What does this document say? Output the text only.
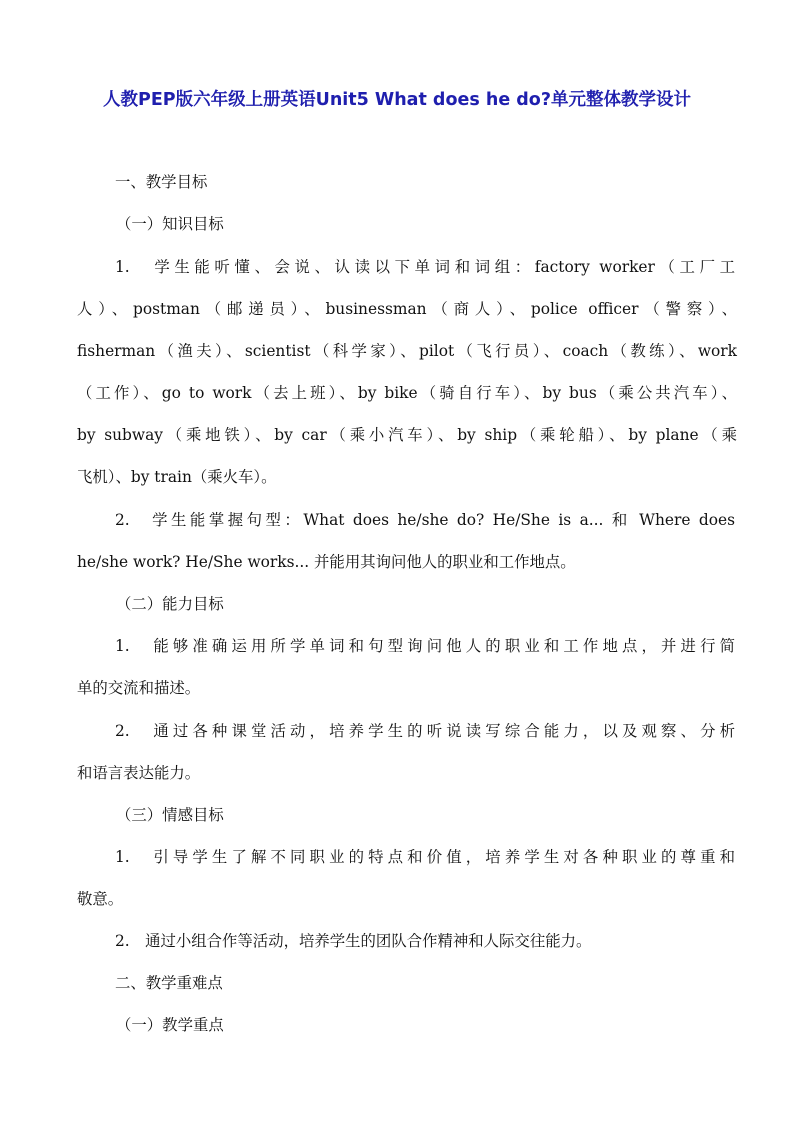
人教PEP版六年级上册英语Unit5 What does he do?单元整体教学设计
一、教学目标
（一）知识目标
1.　学生能听懂、会说、认读以下单词和词组：factory worker（工厂工
人）、postman（邮递员）、businessman（商人）、police officer（警察）、
fisherman（渔夫）、scientist（科学家）、pilot（飞行员）、coach（教练）、work
（工作）、go to work（去上班）、by bike（骑自行车）、by bus（乘公共汽车）、
by subway（乘地铁）、by car（乘小汽车）、by ship（乘轮船）、by plane（乘
飞机）、by train（乘火车）。
2.　学生能掌握句型：What does he/she do? He/She is a... 和 Where does
he/she work? He/She works... 并能用其询问他人的职业和工作地点。
（二）能力目标
1.　能够准确运用所学单词和句型询问他人的职业和工作地点，并进行简
单的交流和描述。
2.　通过各种课堂活动，培养学生的听说读写综合能力，以及观察、分析
和语言表达能力。
（三）情感目标
1.　引导学生了解不同职业的特点和价值，培养学生对各种职业的尊重和
敬意。
2.　通过小组合作等活动，培养学生的团队合作精神和人际交往能力。
二、教学重难点
（一）教学重点
